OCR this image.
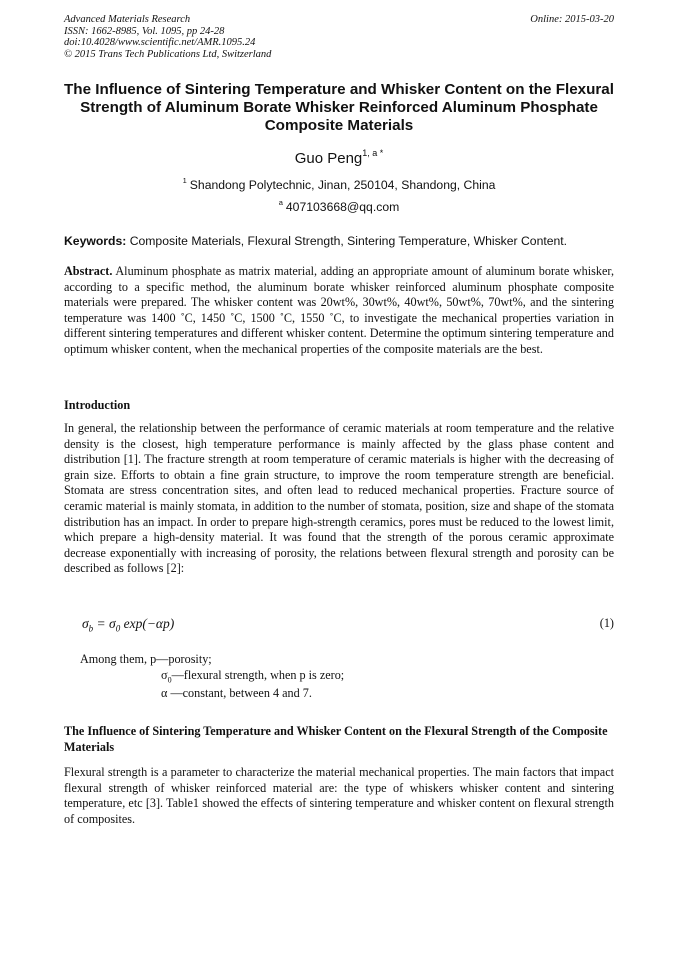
Advanced Materials Research
ISSN: 1662-8985, Vol. 1095, pp 24-28
doi:10.4028/www.scientific.net/AMR.1095.24
© 2015 Trans Tech Publications Ltd, Switzerland
Online: 2015-03-20
The Influence of Sintering Temperature and Whisker Content on the Flexural Strength of Aluminum Borate Whisker Reinforced Aluminum Phosphate Composite Materials
Guo Peng$^{1, a *}$
$^1$ Shandong Polytechnic, Jinan, 250104, Shandong, China
$^a$ 407103668@qq.com
Keywords: Composite Materials, Flexural Strength, Sintering Temperature, Whisker Content.
Abstract. Aluminum phosphate as matrix material, adding an appropriate amount of aluminum borate whisker, according to a specific method, the aluminum borate whisker reinforced aluminum phosphate composite materials were prepared. The whisker content was 20wt%, 30wt%, 40wt%, 50wt%, 70wt%, and the sintering temperature was 1400 ˚C, 1450 ˚C, 1500 ˚C, 1550 ˚C, to investigate the mechanical properties variation in different sintering temperatures and different whisker content. Determine the optimum sintering temperature and optimum whisker content, when the mechanical properties of the composite materials are the best.
Introduction
In general, the relationship between the performance of ceramic materials at room temperature and the relative density is the closest, high temperature performance is mainly affected by the glass phase content and distribution [1]. The fracture strength at room temperature of ceramic materials is higher with the decreasing of grain size. Efforts to obtain a fine grain structure, to improve the room temperature strength are beneficial. Stomata are stress concentration sites, and often lead to reduced mechanical properties. Fracture source of ceramic material is mainly stomata, in addition to the number of stomata, position, size and shape of the stomata distribution has an impact. In order to prepare high-strength ceramics, pores must be reduced to the lowest limit, which prepare a high-density material. It was found that the strength of the porous ceramic approximate decrease exponentially with increasing of porosity, the relations between flexural strength and porosity can be described as follows [2]:
$\sigma_b = \sigma_0$ exp(−αp)	(1)
Among them, p—porosity;
$\sigma_0—flexural$ strength, when p is zero;
α —constant, between 4 and 7.
The Influence of Sintering Temperature and Whisker Content on the Flexural Strength of the Composite Materials
Flexural strength is a parameter to characterize the material mechanical properties. The main factors that impact flexural strength of whisker reinforced material are: the type of whiskers whisker content and sintering temperature, etc [3]. Table1 showed the effects of sintering temperature and whisker content on flexural strength of composites.
